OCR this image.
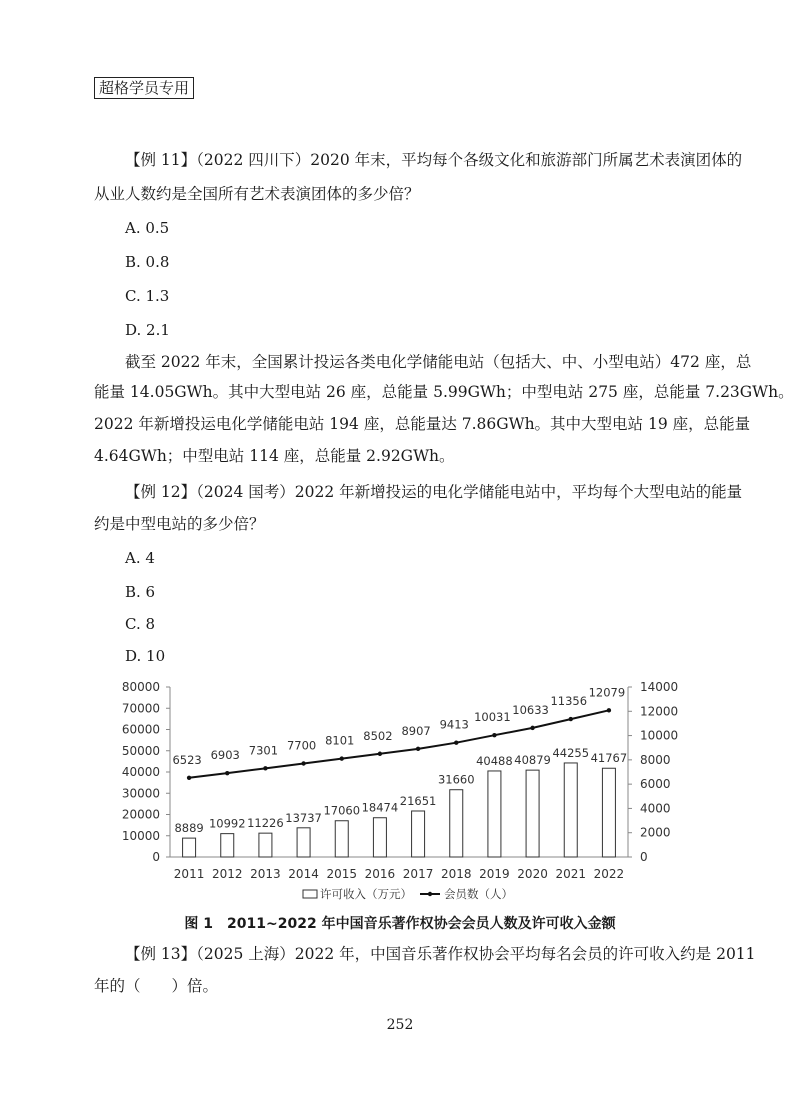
超格学员专用
【例 11】（2022 四川下）2020 年末，平均每个各级文化和旅游部门所属艺术表演团体的
从业人数约是全国所有艺术表演团体的多少倍？
A. 0.5
B. 0.8
C. 1.3
D. 2.1
截至 2022 年末，全国累计投运各类电化学储能电站（包括大、中、小型电站）472 座，总
能量 14.05GWh。其中大型电站 26 座，总能量 5.99GWh；中型电站 275 座，总能量 7.23GWh。
2022 年新增投运电化学储能电站 194 座，总能量达 7.86GWh。其中大型电站 19 座，总能量
4.64GWh；中型电站 114 座，总能量 2.92GWh。
【例 12】（2024 国考）2022 年新增投运的电化学储能电站中，平均每个大型电站的能量
约是中型电站的多少倍？
A. 4
B. 6
C. 8
D. 10
0
10000
20000
30000
40000
50000
60000
70000
80000
0
2000
4000
6000
8000
10000
12000
14000
2011
8889
2012
10992
2013
11226
2014
13737
2015
17060
2016
18474
2017
21651
2018
31660
2019
40488
2020
40879
2021
44255
2022
41767
6523 6903 7301 7700 8101 8502 8907 9413
10031
10633
11356
12079
许可收入（万元）	会员数（人）
图 1　2011~2022 年中国音乐著作权协会会员人数及许可收入金额
【例 13】（2025 上海）2022 年，中国音乐著作权协会平均每名会员的许可收入约是 2011
年的（　　）倍。
252
